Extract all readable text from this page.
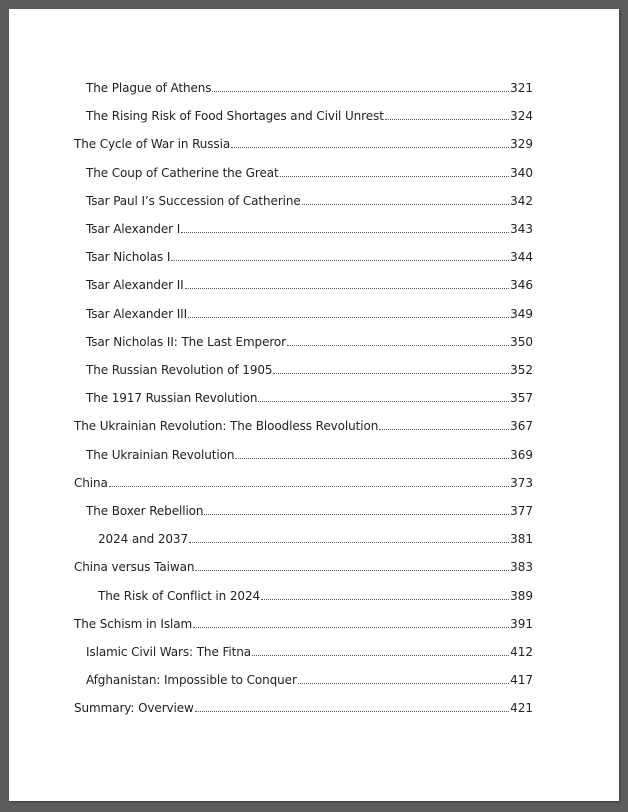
The Plague of Athens	321
The Rising Risk of Food Shortages and Civil Unrest	324
The Cycle of War in Russia	329
The Coup of Catherine the Great	340
Tsar Paul I’s Succession of Catherine	342
Tsar Alexander I	343
Tsar Nicholas I	344
Tsar Alexander II	346
Tsar Alexander III	349
Tsar Nicholas II: The Last Emperor	350
The Russian Revolution of 1905	352
The 1917 Russian Revolution	357
The Ukrainian Revolution: The Bloodless Revolution	367
The Ukrainian Revolution	369
China	373
The Boxer Rebellion	377
2024 and 2037	381
China versus Taiwan	383
The Risk of Conflict in 2024	389
The Schism in Islam	391
Islamic Civil Wars: The Fitna	412
Afghanistan: Impossible to Conquer	417
Summary: Overview	421
